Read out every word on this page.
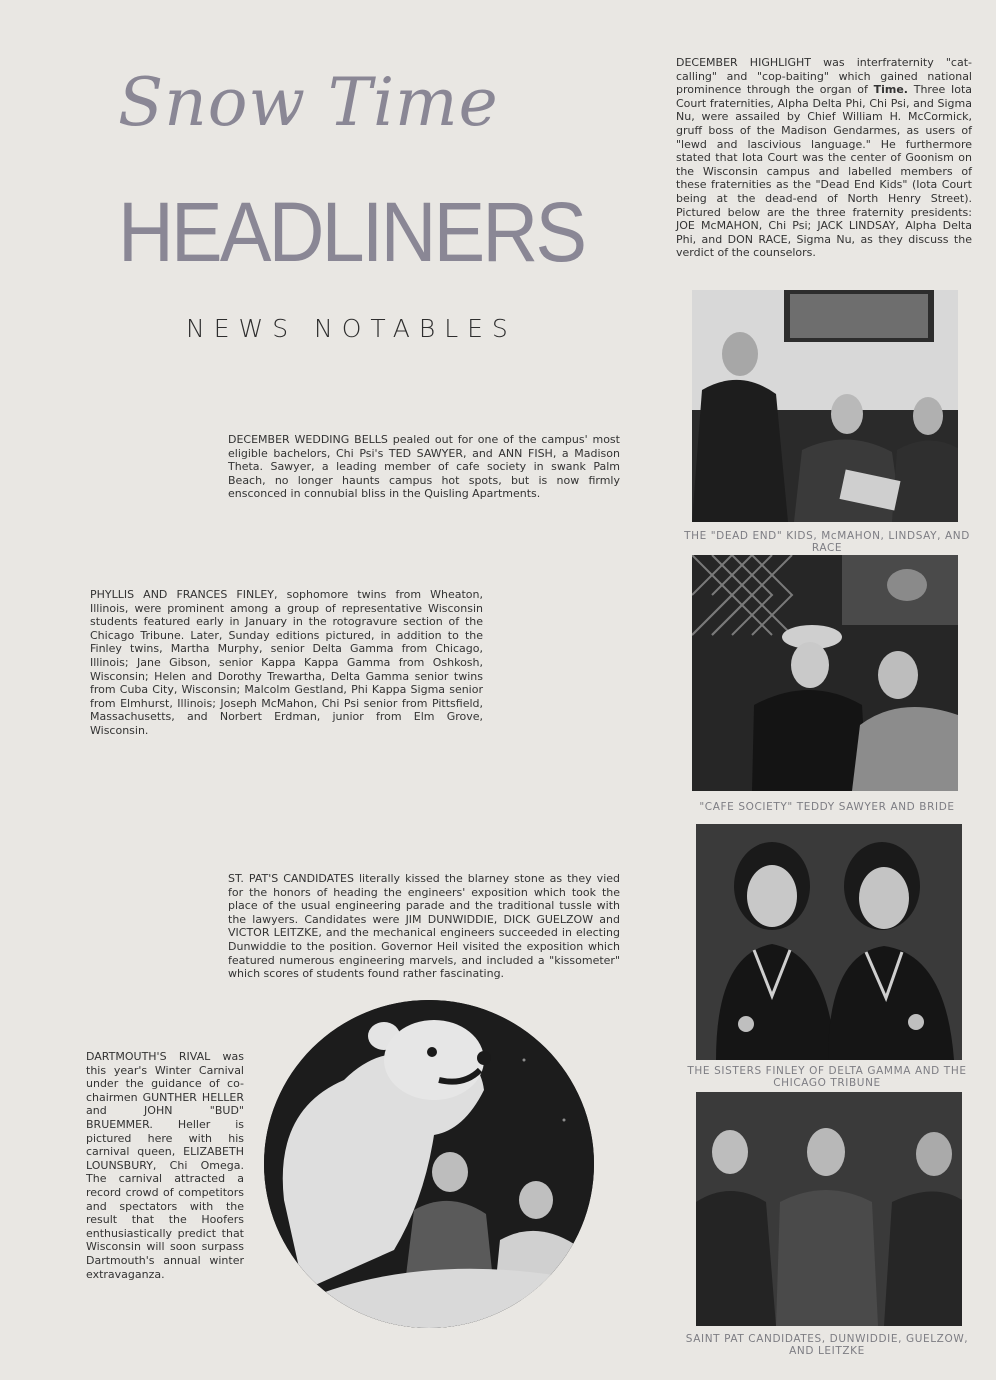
Snow Time
HEADLINERS
NEWS NOTABLES

DECEMBER HIGHLIGHT was interfraternity "cat-calling" and "cop-baiting" which gained national prominence through the organ of Time. Three Iota Court fraternities, Alpha Delta Phi, Chi Psi, and Sigma Nu, were assailed by Chief William H. McCormick, gruff boss of the Madison Gendarmes, as users of "lewd and lascivious language." He furthermore stated that Iota Court was the center of Goonism on the Wisconsin campus and labelled members of these fraternities as the "Dead End Kids" (Iota Court being at the dead-end of North Henry Street). Pictured below are the three fraternity presidents: JOE McMAHON, Chi Psi; JACK LINDSAY, Alpha Delta Phi, and DON RACE, Sigma Nu, as they discuss the verdict of the counselors.

DECEMBER WEDDING BELLS pealed out for one of the campus' most eligible bachelors, Chi Psi's TED SAWYER, and ANN FISH, a Madison Theta. Sawyer, a leading member of cafe society in swank Palm Beach, no longer haunts campus hot spots, but is now firmly ensconced in connubial bliss in the Quisling Apartments.

PHYLLIS AND FRANCES FINLEY, sophomore twins from Wheaton, Illinois, were prominent among a group of representative Wisconsin students featured early in January in the rotogravure section of the Chicago Tribune. Later, Sunday editions pictured, in addition to the Finley twins, Martha Murphy, senior Delta Gamma from Chicago, Illinois; Jane Gibson, senior Kappa Kappa Gamma from Oshkosh, Wisconsin; Helen and Dorothy Trewartha, Delta Gamma senior twins from Cuba City, Wisconsin; Malcolm Gestland, Phi Kappa Sigma senior from Elmhurst, Illinois; Joseph McMahon, Chi Psi senior from Pittsfield, Massachusetts, and Norbert Erdman, junior from Elm Grove, Wisconsin.

ST. PAT'S CANDIDATES literally kissed the blarney stone as they vied for the honors of heading the engineers' exposition which took the place of the usual engineering parade and the traditional tussle with the lawyers. Candidates were JIM DUNWIDDIE, DICK GUELZOW and VICTOR LEITZKE, and the mechanical engineers succeeded in electing Dunwiddie to the position. Governor Heil visited the exposition which featured numerous engineering marvels, and included a "kissometer" which scores of students found rather fascinating.

DARTMOUTH'S RIVAL was this year's Winter Carnival under the guidance of co-chairmen GUNTHER HELLER and JOHN "BUD" BRUEMMER. Heller is pictured here with his carnival queen, ELIZABETH LOUNSBURY, Chi Omega. The carnival attracted a record crowd of competitors and spectators with the result that the Hoofers enthusiastically predict that Wisconsin will soon surpass Dartmouth's annual winter extravaganza.

THE "DEAD END" KIDS, McMAHON, LINDSAY, AND RACE
"CAFE SOCIETY" TEDDY SAWYER AND BRIDE
THE SISTERS FINLEY OF DELTA GAMMA AND THE CHICAGO TRIBUNE
SAINT PAT CANDIDATES, DUNWIDDIE, GUELZOW, AND LEITZKE
